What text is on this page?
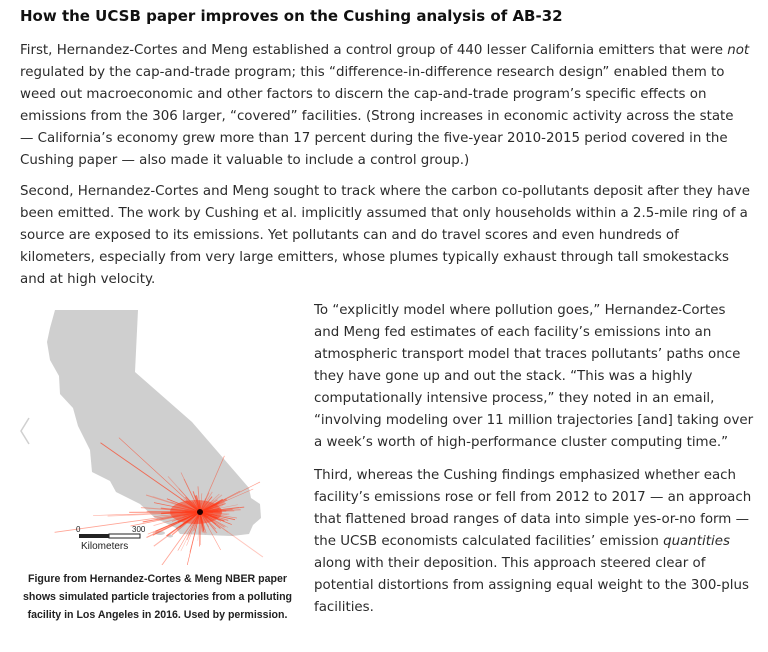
How the UCSB paper improves on the Cushing analysis of AB-32

First, Hernandez-Cortes and Meng established a control group of 440 lesser California emitters that were not regulated by the cap-and-trade program; this “difference-in-difference research design” enabled them to weed out macroeconomic and other factors to discern the cap-and-trade program’s specific effects on emissions from the 306 larger, “covered” facilities. (Strong increases in economic activity across the state — California’s economy grew more than 17 percent during the five-year 2010-2015 period covered in the Cushing paper — also made it valuable to include a control group.)

Second, Hernandez-Cortes and Meng sought to track where the carbon co-pollutants deposit after they have been emitted. The work by Cushing et al. implicitly assumed that only households within a 2.5-mile ring of a source are exposed to its emissions. Yet pollutants can and do travel scores and even hundreds of kilometers, especially from very large emitters, whose plumes typically exhaust through tall smokestacks and at high velocity.

0	300
Kilometers
Figure from Hernandez-Cortes & Meng NBER paper shows simulated particle trajectories from a polluting facility in Los Angeles in 2016. Used by permission.

To “explicitly model where pollution goes,” Hernandez-Cortes and Meng fed estimates of each facility’s emissions into an atmospheric transport model that traces pollutants’ paths once they have gone up and out the stack. “This was a highly computationally intensive process,” they noted in an email, “involving modeling over 11 million trajectories [and] taking over a week’s worth of high-performance cluster computing time.”

Third, whereas the Cushing findings emphasized whether each facility’s emissions rose or fell from 2012 to 2017 — an approach that flattened broad ranges of data into simple yes-or-no form — the UCSB economists calculated facilities’ emission quantities along with their deposition. This approach steered clear of potential distortions from assigning equal weight to the 300-plus facilities.
